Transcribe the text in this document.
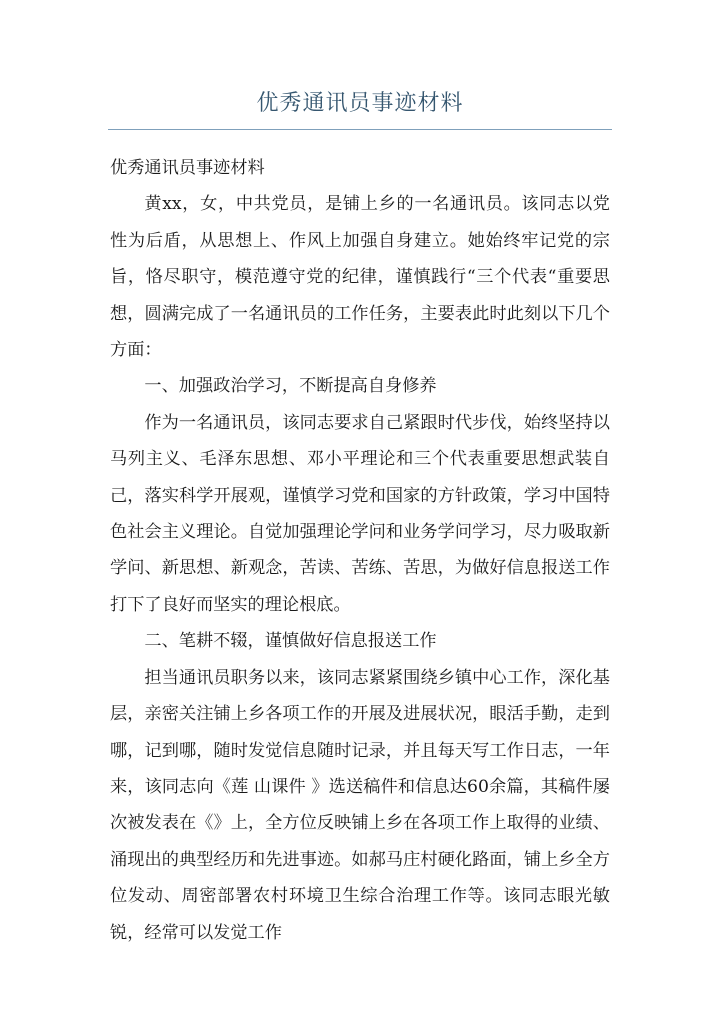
优秀通讯员事迹材料

优秀通讯员事迹材料

黄xx，女，中共党员，是铺上乡的一名通讯员。该同志以党性为后盾，从思想上、作风上加强自身建立。她始终牢记党的宗旨，恪尽职守，模范遵守党的纪律，谨慎践行“三个代表“重要思想，圆满完成了一名通讯员的工作任务，主要表此时此刻以下几个方面：

一、加强政治学习，不断提高自身修养

作为一名通讯员，该同志要求自己紧跟时代步伐，始终坚持以马列主义、毛泽东思想、邓小平理论和三个代表重要思想武装自己，落实科学开展观，谨慎学习党和国家的方针政策，学习中国特色社会主义理论。自觉加强理论学问和业务学问学习，尽力吸取新学问、新思想、新观念，苦读、苦练、苦思，为做好信息报送工作打下了良好而坚实的理论根底。

二、笔耕不辍，谨慎做好信息报送工作

担当通讯员职务以来，该同志紧紧围绕乡镇中心工作，深化基层，亲密关注铺上乡各项工作的开展及进展状况，眼活手勤，走到哪，记到哪，随时发觉信息随时记录，并且每天写工作日志，一年来，该同志向《莲 山课件 》选送稿件和信息达60余篇，其稿件屡次被发表在《》上，全方位反映铺上乡在各项工作上取得的业绩、涌现出的典型经历和先进事迹。如郝马庄村硬化路面，铺上乡全方位发动、周密部署农村环境卫生综合治理工作等。该同志眼光敏锐，经常可以发觉工作
